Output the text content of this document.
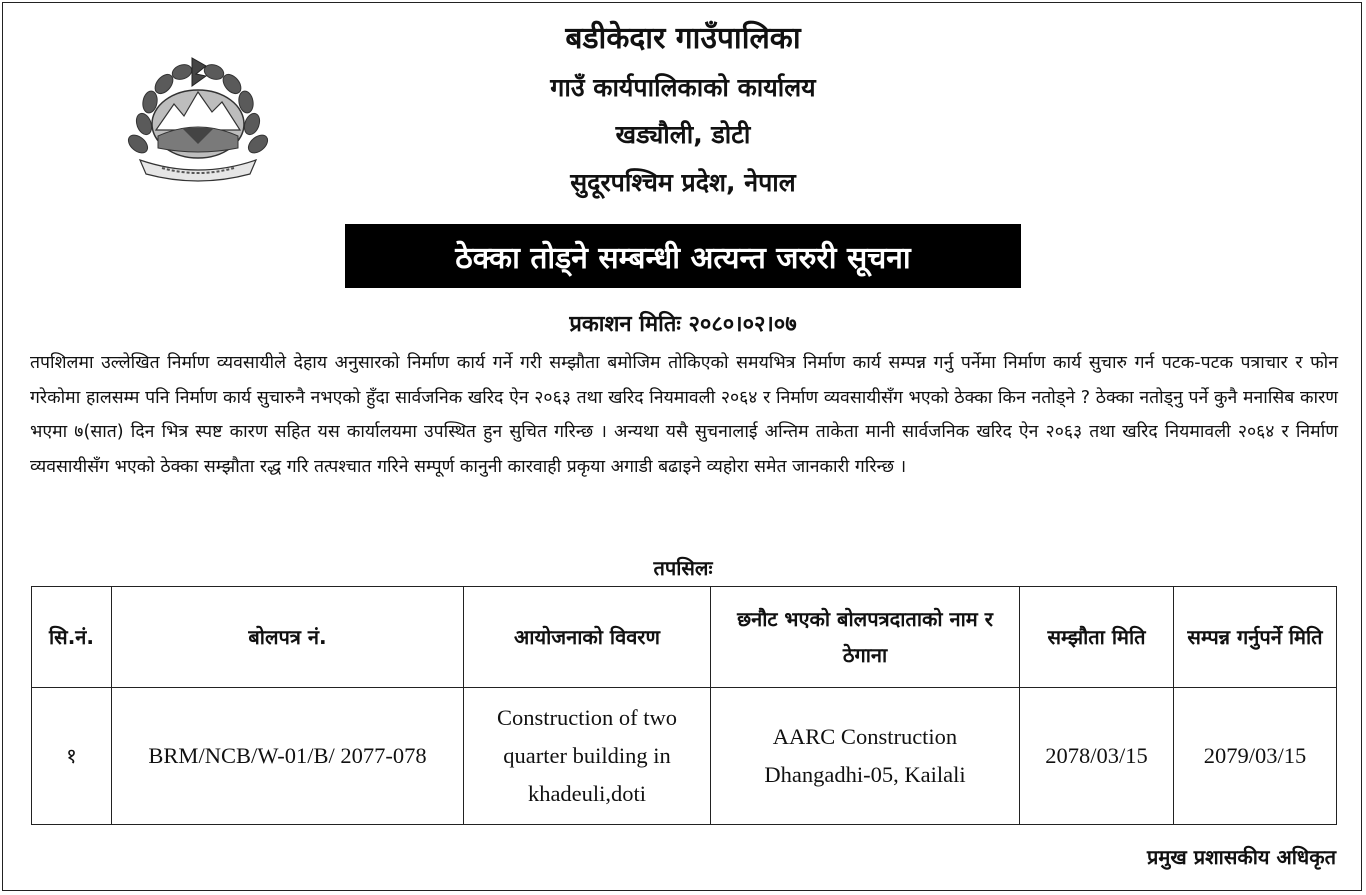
बडीकेदार गाउँपालिका
गाउँ कार्यपालिकाको कार्यालय
खड्यौली, डोटी
सुदूरपश्चिम प्रदेश, नेपाल
ठेक्का तोड्ने सम्बन्धी अत्यन्त जरुरी सूचना
प्रकाशन मितिः २०८०।०२।०७
तपशिलमा उल्लेखित निर्माण व्यवसायीले देहाय अनुसारको निर्माण कार्य गर्ने गरी सम्झौता बमोजिम तोकिएको समयभित्र निर्माण कार्य सम्पन्न गर्नु पर्नेमा निर्माण कार्य सुचारु गर्न पटक-पटक पत्राचार र फोन गरेकोमा हालसम्म पनि निर्माण कार्य सुचारुनै नभएको हुँदा सार्वजनिक खरिद ऐन २०६३ तथा खरिद नियमावली २०६४ र निर्माण व्यवसायीसँग भएको ठेक्का किन नतोड्ने ? ठेक्का नतोड्नु पर्ने कुनै मनासिब कारण भएमा ७(सात) दिन भित्र स्पष्ट कारण सहित यस कार्यालयमा उपस्थित हुन सुचित गरिन्छ । अन्यथा यसै सुचनालाई अन्तिम ताकेता मानी सार्वजनिक खरिद ऐन २०६३ तथा खरिद नियमावली २०६४ र निर्माण व्यवसायीसँग भएको ठेक्का सम्झौता रद्ध गरि तत्पश्चात गरिने सम्पूर्ण कानुनी कारवाही प्रकृया अगाडी बढाइने व्यहोरा समेत जानकारी गरिन्छ ।
तपसिलः
सि.नं.	बोलपत्र नं.	आयोजनाको विवरण	छनौट भएको बोलपत्रदाताको नाम र ठेगाना	सम्झौता मिति	सम्पन्न गर्नुपर्ने मिति
१	BRM/NCB/W-01/B/ 2077-078	Construction of two quarter building in khadeuli,doti	AARC Construction Dhangadhi-05, Kailali	2078/03/15	2079/03/15
प्रमुख प्रशासकीय अधिकृत
